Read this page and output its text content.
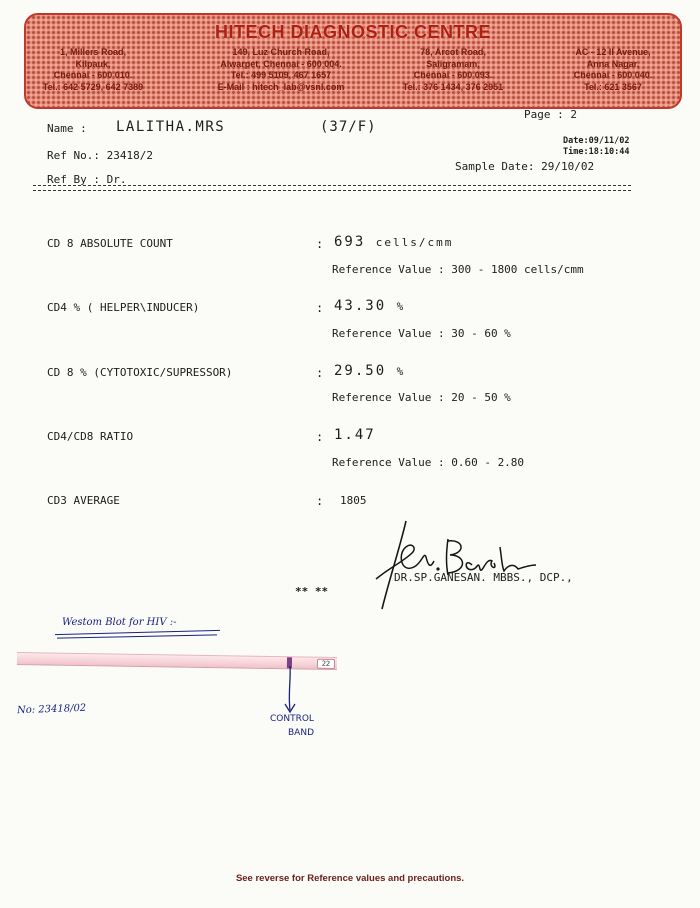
HITECH DIAGNOSTIC CENTRE
1, Millers Road,
Kilpauk,
Chennai - 600 010.
Tel.: 642 5729, 642 7389
149, Luz Church Road,
Alwarpet, Chennai - 600 004.
Tel.: 499 5109, 467 1657
E-Mail : hitech_lab@vsnl.com
78, Arcot Road,
Saligramam,
Chennai - 600 093.
Tel.: 376 1434, 376 2951
AC - 12 II Avenue,
Anna Nagar,
Chennai - 600 040.
Tel.: 621 3567
Page : 2
Name : LALITHA.MRS	(37/F)
Date:09/11/02
Time:18:10:44
Ref No.: 23418/2
Sample Date: 29/10/02
Ref By : Dr.
CD 8 ABSOLUTE COUNT	: 693 cells/cmm
Reference Value : 300 - 1800 cells/cmm
CD4 % ( HELPER\INDUCER)	: 43.30 %
Reference Value : 30 - 60 %
CD 8 % (CYTOTOXIC/SUPRESSOR)	: 29.50 %
Reference Value : 20 - 50 %
CD4/CD8 RATIO	: 1.47
Reference Value : 0.60 - 2.80
CD3 AVERAGE	: 1805
** **
DR.SP.GANESAN. MBBS., DCP.,
Westom Blot for HIV :-
22
No: 23418/02
CONTROL
BAND
See reverse for Reference values and precautions.
